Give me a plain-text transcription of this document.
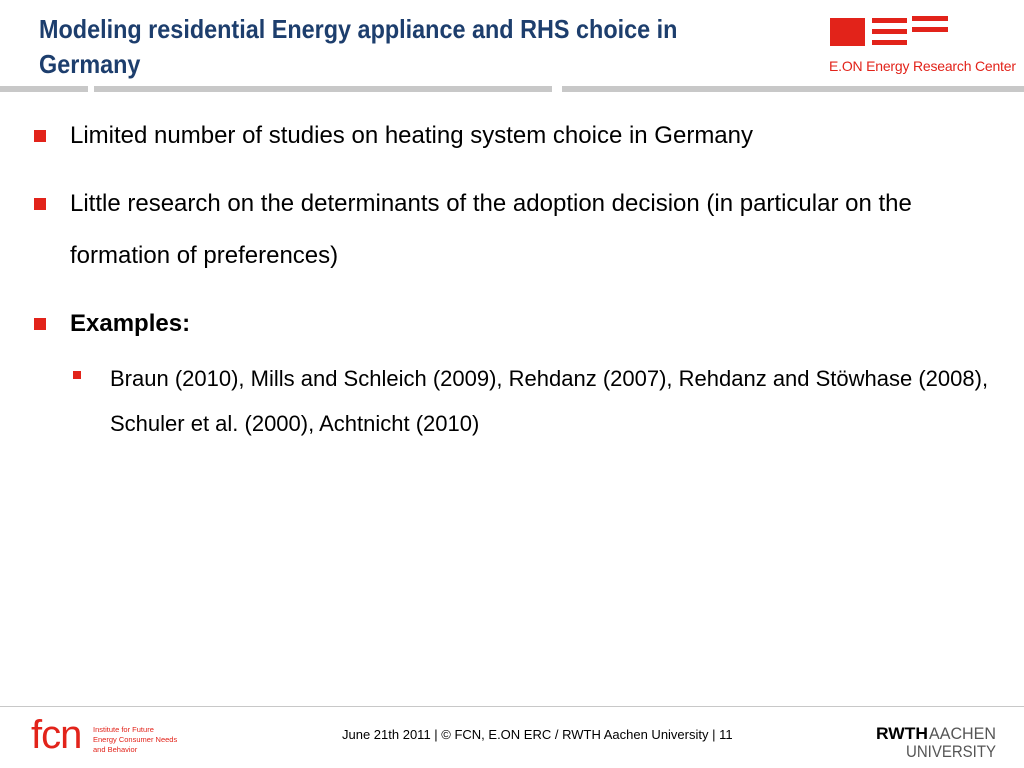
Modeling residential Energy appliance and RHS choice in Germany	E.ON Energy Research Center
Limited number of studies on heating system choice in Germany
Little research on the determinants of the adoption decision (in particular on the formation of preferences)
Examples:
Braun (2010), Mills and Schleich (2009), Rehdanz (2007), Rehdanz and Stöwhase (2008), Schuler et al. (2000), Achtnicht (2010)
fcn Institute for Future
Energy Consumer Needs
and Behavior
June 21th 2011 | © FCN, E.ON ERC / RWTH Aachen University | 11	RWTH AACHEN
UNIVERSITY
